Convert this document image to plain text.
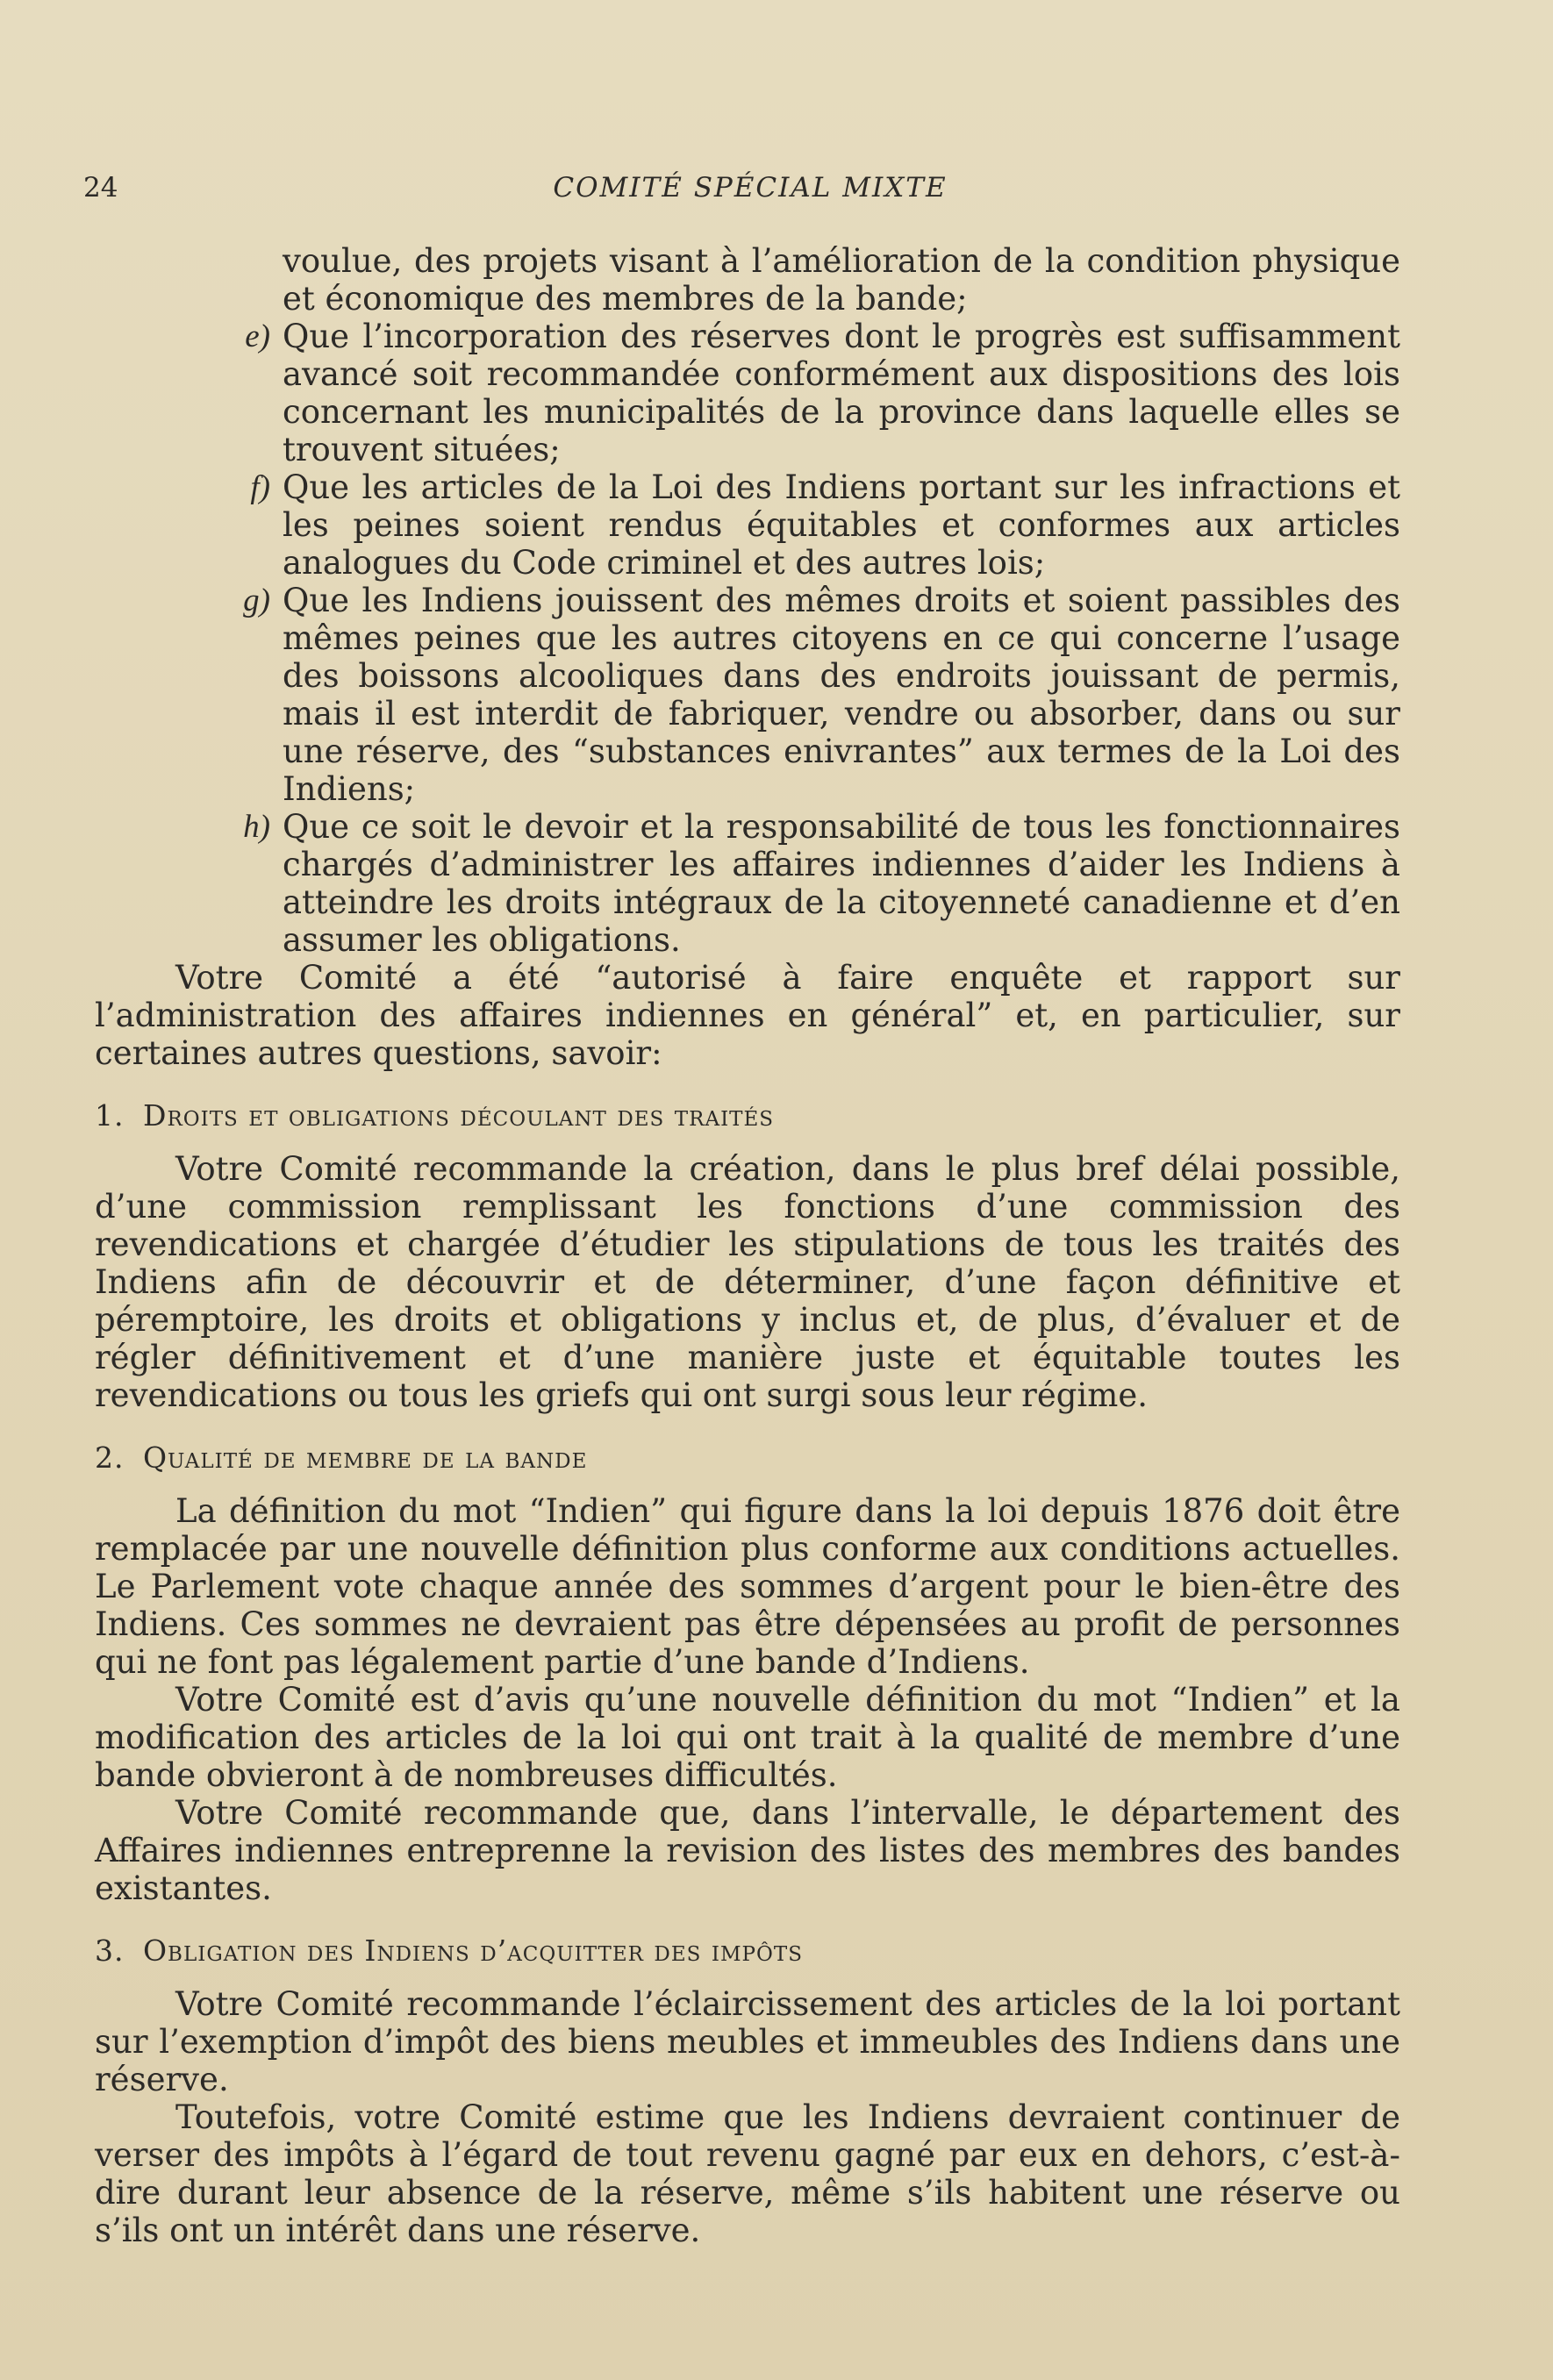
24	COMITÉ SPÉCIAL MIXTE

voulue, des projets visant à l’amélioration de la condition physique et économique des membres de la bande;

e) Que l’incorporation des réserves dont le progrès est suffisamment avancé soit recommandée conformément aux dispositions des lois concernant les municipalités de la province dans laquelle elles se trouvent situées;
f) Que les articles de la Loi des Indiens portant sur les infractions et les peines soient rendus équitables et conformes aux articles analogues du Code criminel et des autres lois;
g) Que les Indiens jouissent des mêmes droits et soient passibles des mêmes peines que les autres citoyens en ce qui concerne l’usage des boissons alcooliques dans des endroits jouissant de permis, mais il est interdit de fabriquer, vendre ou absorber, dans ou sur une réserve, des “substances enivrantes” aux termes de la Loi des Indiens;
h) Que ce soit le devoir et la responsabilité de tous les fonctionnaires chargés d’administrer les affaires indiennes d’aider les Indiens à atteindre les droits intégraux de la citoyenneté canadienne et d’en assumer les obligations.

Votre Comité a été “autorisé à faire enquête et rapport sur l’administration des affaires indiennes en général” et, en particulier, sur certaines autres questions, savoir:

1. Droits et obligations découlant des traités

Votre Comité recommande la création, dans le plus bref délai possible, d’une commission remplissant les fonctions d’une commission des revendications et chargée d’étudier les stipulations de tous les traités des Indiens afin de découvrir et de déterminer, d’une façon définitive et péremptoire, les droits et obligations y inclus et, de plus, d’évaluer et de régler définitivement et d’une manière juste et équitable toutes les revendications ou tous les griefs qui ont surgi sous leur régime.

2. Qualité de membre de la bande

La définition du mot “Indien” qui figure dans la loi depuis 1876 doit être remplacée par une nouvelle définition plus conforme aux conditions actuelles. Le Parlement vote chaque année des sommes d’argent pour le bien-être des Indiens. Ces sommes ne devraient pas être dépensées au profit de personnes qui ne font pas légalement partie d’une bande d’Indiens.

Votre Comité est d’avis qu’une nouvelle définition du mot “Indien” et la modification des articles de la loi qui ont trait à la qualité de membre d’une bande obvieront à de nombreuses difficultés.

Votre Comité recommande que, dans l’intervalle, le département des Affaires indiennes entreprenne la revision des listes des membres des bandes existantes.

3. Obligation des Indiens d’acquitter des impôts

Votre Comité recommande l’éclaircissement des articles de la loi portant sur l’exemption d’impôt des biens meubles et immeubles des Indiens dans une réserve.

Toutefois, votre Comité estime que les Indiens devraient continuer de verser des impôts à l’égard de tout revenu gagné par eux en dehors, c’est-à-dire durant leur absence de la réserve, même s’ils habitent une réserve ou s’ils ont un intérêt dans une réserve.
